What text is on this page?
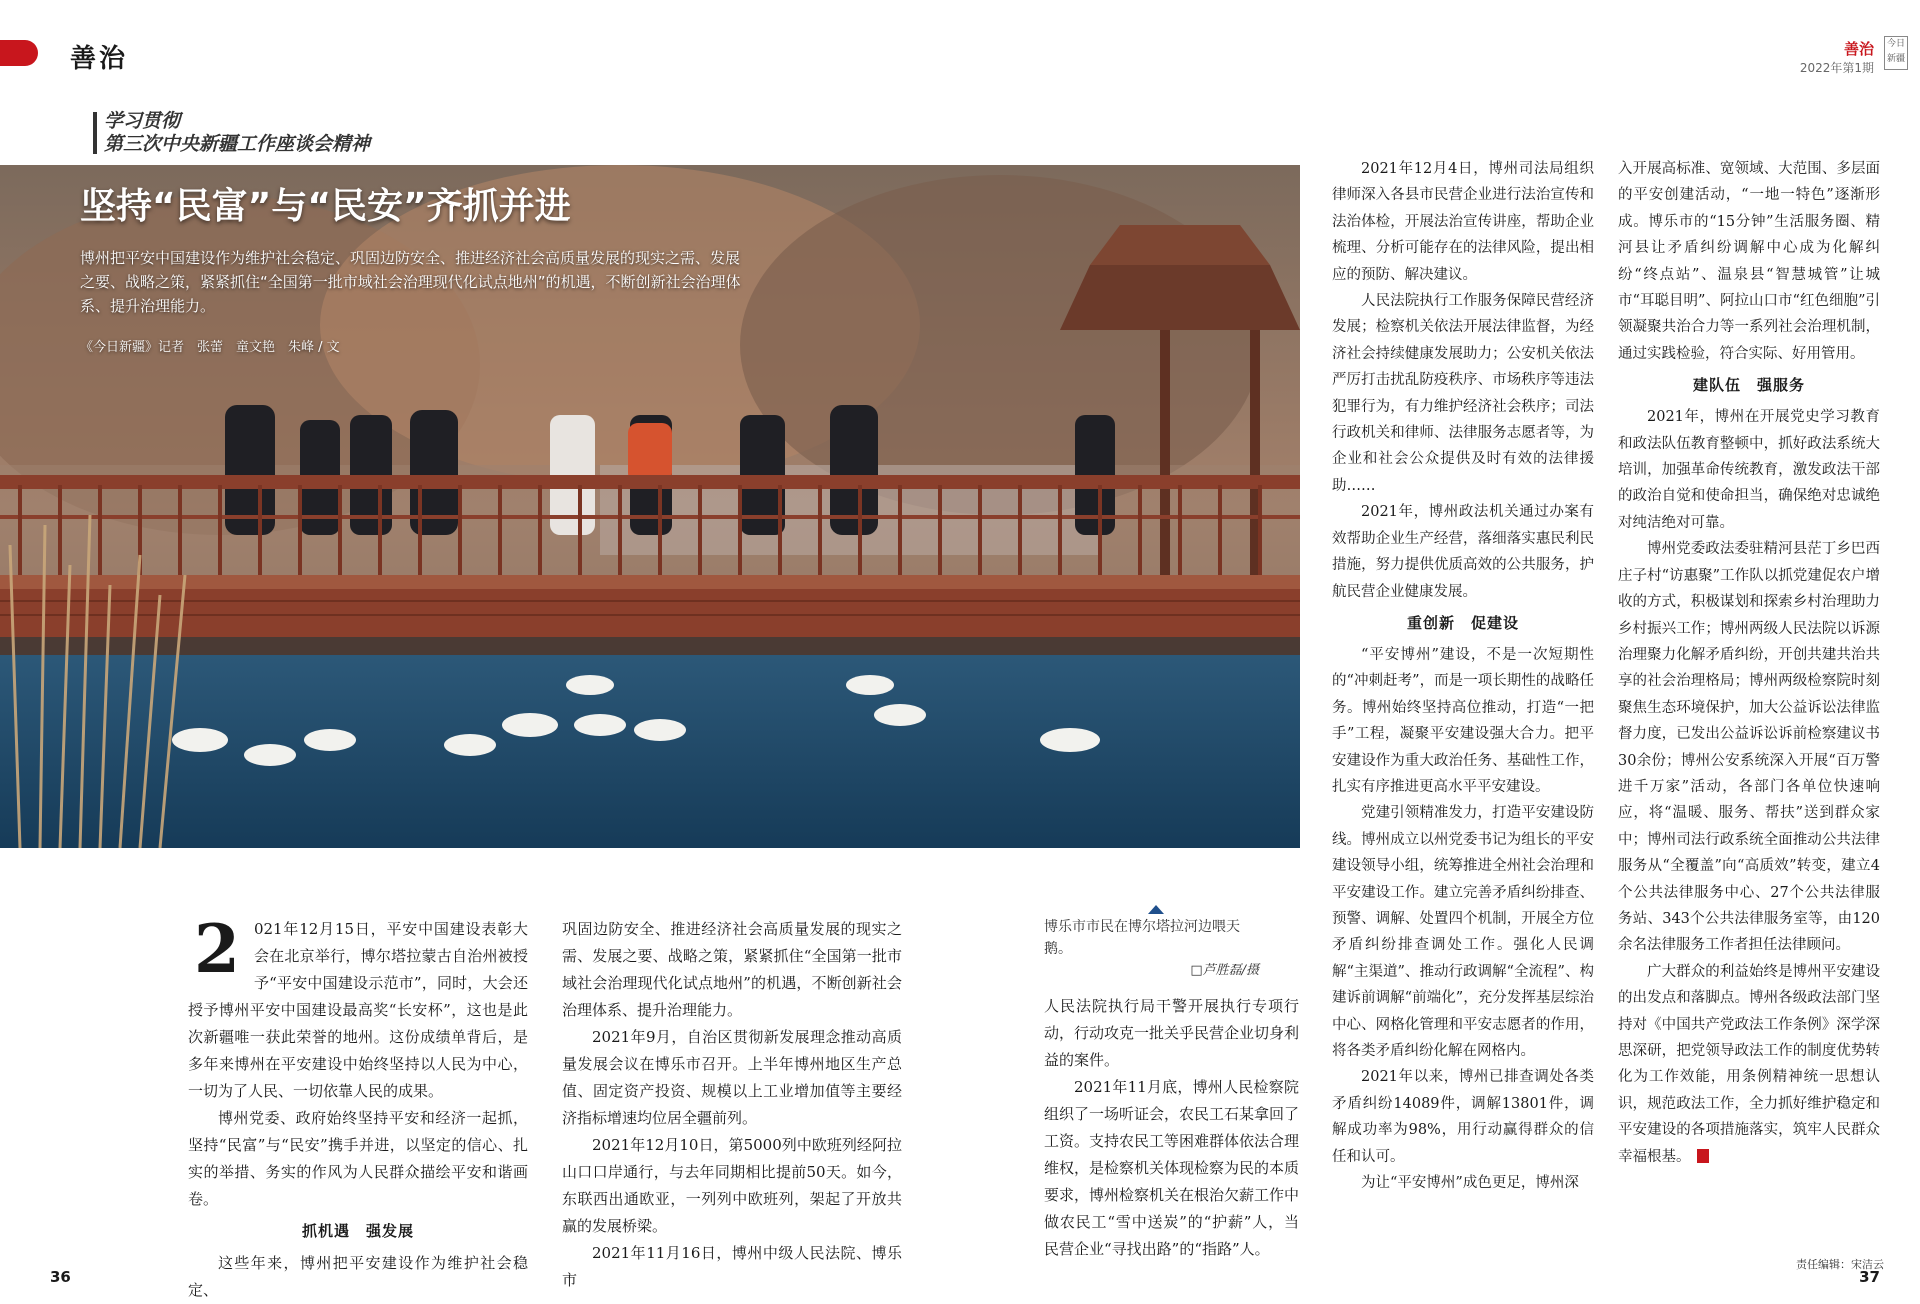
善治	善治
2022年第1期
今日新疆
学习贯彻
第三次中央新疆工作座谈会精神
坚持“民富”与“民安”齐抓并进
博州把平安中国建设作为维护社会稳定、巩固边防安全、推进经济社会高质量发展的现实之需、发展之要、战略之策，紧紧抓住“全国第一批市域社会治理现代化试点地州”的机遇，不断创新社会治理体系、提升治理能力。
《今日新疆》记者　张蕾　童文艳　朱峰 / 文
2 021年12月15日，平安中国建设表彰大会在北京举行，博尔塔拉蒙古自治州被授予“平安中国建设示范市”，同时，大会还授予博州平安中国建设最高奖“长安杯”，这也是此次新疆唯一获此荣誉的地州。这份成绩单背后，是多年来博州在平安建设中始终坚持以人民为中心，一切为了人民、一切依靠人民的成果。

博州党委、政府始终坚持平安和经济一起抓，坚持“民富”与“民安”携手并进，以坚定的信心、扎实的举措、务实的作风为人民群众描绘平安和谐画卷。

抓机遇　强发展

这些年来，博州把平安建设作为维护社会稳定、

巩固边防安全、推进经济社会高质量发展的现实之需、发展之要、战略之策，紧紧抓住“全国第一批市域社会治理现代化试点地州”的机遇，不断创新社会治理体系、提升治理能力。

2021年9月，自治区贯彻新发展理念推动高质量发展会议在博乐市召开。上半年博州地区生产总值、固定资产投资、规模以上工业增加值等主要经济指标增速均位居全疆前列。

2021年12月10日，第5000列中欧班列经阿拉山口口岸通行，与去年同期相比提前50天。如今，东联西出通欧亚，一列列中欧班列，架起了开放共赢的发展桥梁。

2021年11月16日，博州中级人民法院、博乐市

博乐市市民在博尔塔拉河边喂天鹅。
□芦胜磊/摄

人民法院执行局干警开展执行专项行动，行动攻克一批关乎民营企业切身利益的案件。

2021年11月底，博州人民检察院组织了一场听证会，农民工石某拿回了工资。支持农民工等困难群体依法合理维权，是检察机关体现检察为民的本质要求，博州检察机关在根治欠薪工作中做农民工“雪中送炭”的“护薪”人，当民营企业“寻找出路”的“指路”人。

2021年12月4日，博州司法局组织律师深入各县市民营企业进行法治宣传和法治体检，开展法治宣传讲座，帮助企业梳理、分析可能存在的法律风险，提出相应的预防、解决建议。

人民法院执行工作服务保障民营经济发展；检察机关依法开展法律监督，为经济社会持续健康发展助力；公安机关依法严厉打击扰乱防疫秩序、市场秩序等违法犯罪行为，有力维护经济社会秩序；司法行政机关和律师、法律服务志愿者等，为企业和社会公众提供及时有效的法律援助……

2021年，博州政法机关通过办案有效帮助企业生产经营，落细落实惠民利民措施，努力提供优质高效的公共服务，护航民营企业健康发展。

重创新　促建设

“平安博州”建设，不是一次短期性的“冲刺赶考”，而是一项长期性的战略任务。博州始终坚持高位推动，打造“一把手”工程，凝聚平安建设强大合力。把平安建设作为重大政治任务、基础性工作，扎实有序推进更高水平平安建设。

党建引领精准发力，打造平安建设防线。博州成立以州党委书记为组长的平安建设领导小组，统筹推进全州社会治理和平安建设工作。建立完善矛盾纠纷排查、预警、调解、处置四个机制，开展全方位矛盾纠纷排查调处工作。强化人民调解“主渠道”、推动行政调解“全流程”、构建诉前调解“前端化”，充分发挥基层综治中心、网格化管理和平安志愿者的作用，将各类矛盾纠纷化解在网格内。

2021年以来，博州已排查调处各类矛盾纠纷14089件，调解13801件，调解成功率为98%，用行动赢得群众的信任和认可。

为让“平安博州”成色更足，博州深

入开展高标准、宽领域、大范围、多层面的平安创建活动，“一地一特色”逐渐形成。博乐市的“15分钟”生活服务圈、精河县让矛盾纠纷调解中心成为化解纠纷“终点站”、温泉县“智慧城管”让城市“耳聪目明”、阿拉山口市“红色细胞”引领凝聚共治合力等一系列社会治理机制，通过实践检验，符合实际、好用管用。

建队伍　强服务

2021年，博州在开展党史学习教育和政法队伍教育整顿中，抓好政法系统大培训，加强革命传统教育，激发政法干部的政治自觉和使命担当，确保绝对忠诚绝对纯洁绝对可靠。

博州党委政法委驻精河县茫丁乡巴西庄子村“访惠聚”工作队以抓党建促农户增收的方式，积极谋划和探索乡村治理助力乡村振兴工作；博州两级人民法院以诉源治理聚力化解矛盾纠纷，开创共建共治共享的社会治理格局；博州两级检察院时刻聚焦生态环境保护，加大公益诉讼法律监督力度，已发出公益诉讼诉前检察建议书30余份；博州公安系统深入开展“百万警进千万家”活动，各部门各单位快速响应，将“温暖、服务、帮扶”送到群众家中；博州司法行政系统全面推动公共法律服务从“全覆盖”向“高质效”转变，建立4个公共法律服务中心、27个公共法律服务站、343个公共法律服务室等，由120余名法律服务工作者担任法律顾问。

广大群众的利益始终是博州平安建设的出发点和落脚点。博州各级政法部门坚持对《中国共产党政法工作条例》深学深思深研，把党领导政法工作的制度优势转化为工作效能，用条例精神统一思想认识，规范政法工作，全力抓好维护稳定和平安建设的各项措施落实，筑牢人民群众幸福根基。

36	37
责任编辑：宋洁云
